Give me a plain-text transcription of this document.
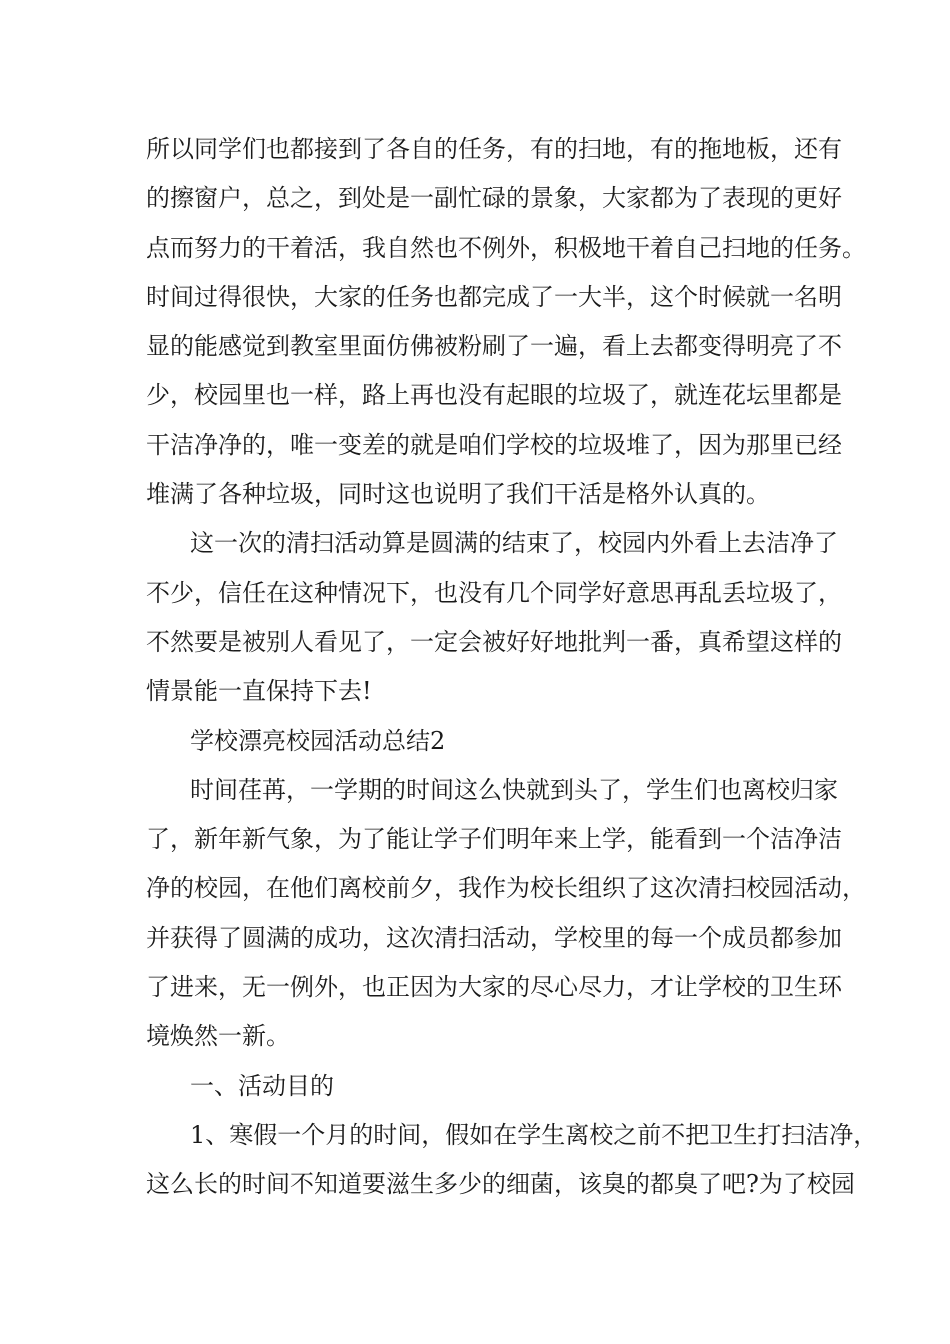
所以同学们也都接到了各自的任务，有的扫地，有的拖地板，还有
的擦窗户，总之，到处是一副忙碌的景象，大家都为了表现的更好
点而努力的干着活，我自然也不例外，积极地干着自己扫地的任务。
时间过得很快，大家的任务也都完成了一大半，这个时候就一名明
显的能感觉到教室里面仿佛被粉刷了一遍，看上去都变得明亮了不
少，校园里也一样，路上再也没有起眼的垃圾了，就连花坛里都是
干洁净净的，唯一变差的就是咱们学校的垃圾堆了，因为那里已经
堆满了各种垃圾，同时这也说明了我们干活是格外认真的。
这一次的清扫活动算是圆满的结束了，校园内外看上去洁净了
不少，信任在这种情况下，也没有几个同学好意思再乱丢垃圾了，
不然要是被别人看见了，一定会被好好地批判一番，真希望这样的
情景能一直保持下去!
学校漂亮校园活动总结2
时间荏苒，一学期的时间这么快就到头了，学生们也离校归家
了，新年新气象，为了能让学子们明年来上学，能看到一个洁净洁
净的校园，在他们离校前夕，我作为校长组织了这次清扫校园活动，
并获得了圆满的成功，这次清扫活动，学校里的每一个成员都参加
了进来，无一例外，也正因为大家的尽心尽力，才让学校的卫生环
境焕然一新。
一、活动目的
1、寒假一个月的时间，假如在学生离校之前不把卫生打扫洁净，
这么长的时间不知道要滋生多少的细菌，该臭的都臭了吧?为了校园
